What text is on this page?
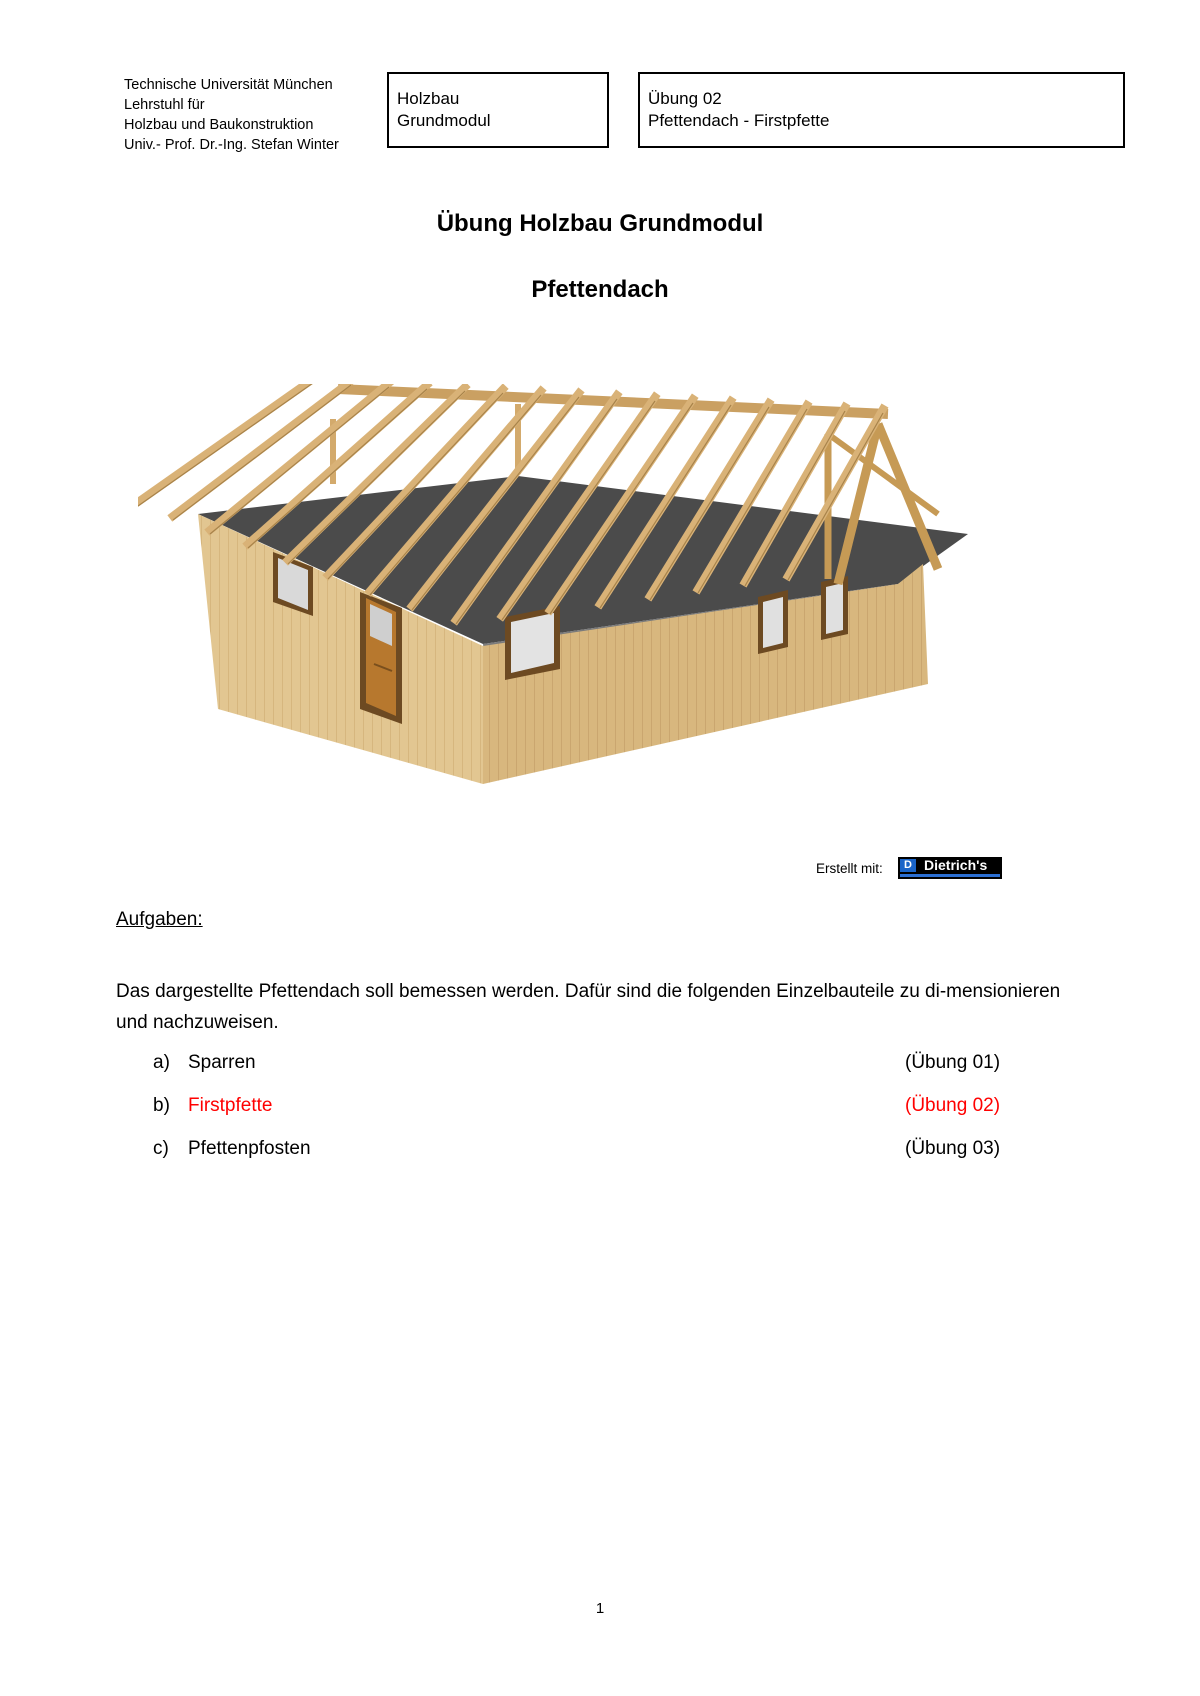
Technische Universität München
Lehrstuhl für
Holzbau und Baukonstruktion
Univ.- Prof. Dr.-Ing. Stefan Winter
Holzbau
Grundmodul
Übung 02
Pfettendach - Firstpfette
Übung Holzbau Grundmodul
Pfettendach
Erstellt mit:	D Dietrich's
Aufgaben:
Das dargestellte Pfettendach soll bemessen werden. Dafür sind die folgenden Einzelbauteile zu di-mensionieren und nachzuweisen.
a) Sparren	(Übung 01)
b) Firstpfette	(Übung 02)
c) Pfettenpfosten	(Übung 03)
1
